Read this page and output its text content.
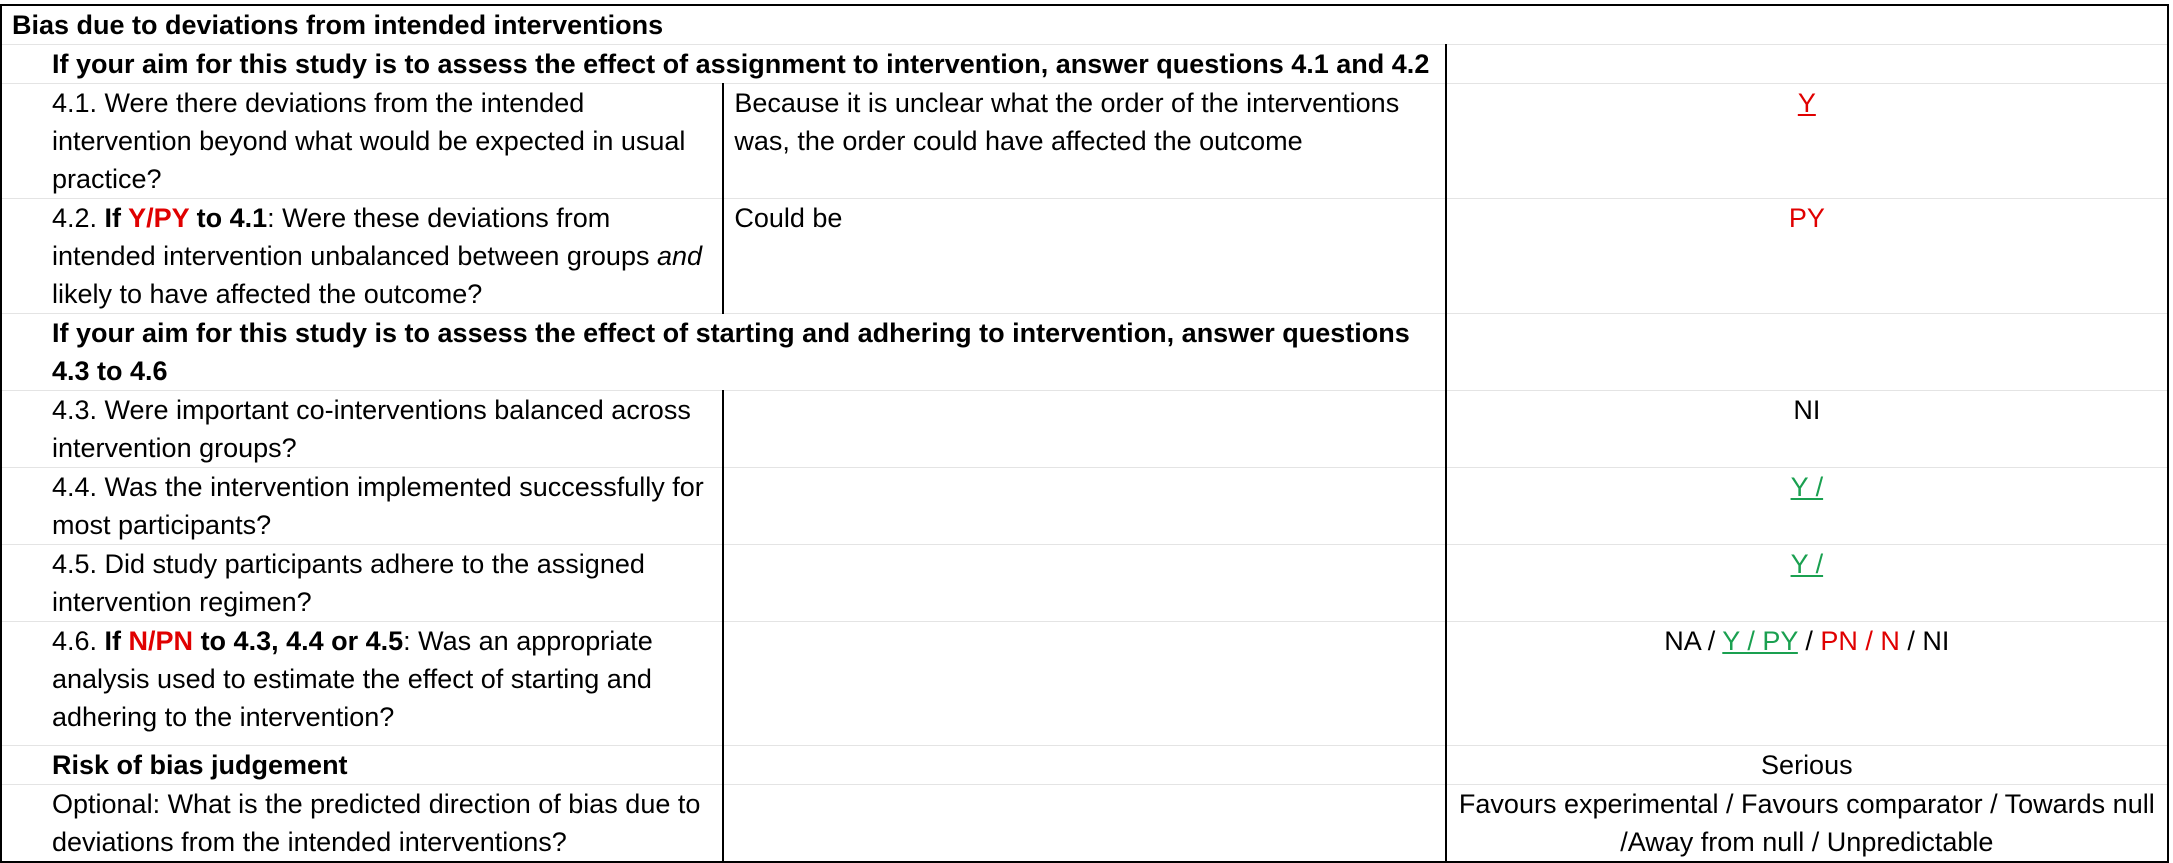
Bias due to deviations from intended interventions		
If your aim for this study is to assess the effect of assignment to intervention, answer questions 4.1 and 4.2		
4.1. Were there deviations from the intended intervention beyond what would be expected in usual practice?	Because it is unclear what the order of the interventions was, the order could have affected the outcome	Y
4.2. If Y/PY to 4.1: Were these deviations from intended intervention unbalanced between groups and likely to have affected the outcome?	Could be	PY
If your aim for this study is to assess the effect of starting and adhering to intervention, answer questions 4.3 to 4.6		
4.3. Were important co-interventions balanced across intervention groups?		NI
4.4. Was the intervention implemented successfully for most participants?		Y /
4.5. Did study participants adhere to the assigned intervention regimen?		Y /
4.6. If N/PN to 4.3, 4.4 or 4.5: Was an appropriate analysis used to estimate the effect of starting and adhering to the intervention?		NA / Y / PY / PN / N / NI
Risk of bias judgement		Serious
Optional: What is the predicted direction of bias due to deviations from the intended interventions?		Favours experimental / Favours comparator / Towards null /Away from null / Unpredictable
